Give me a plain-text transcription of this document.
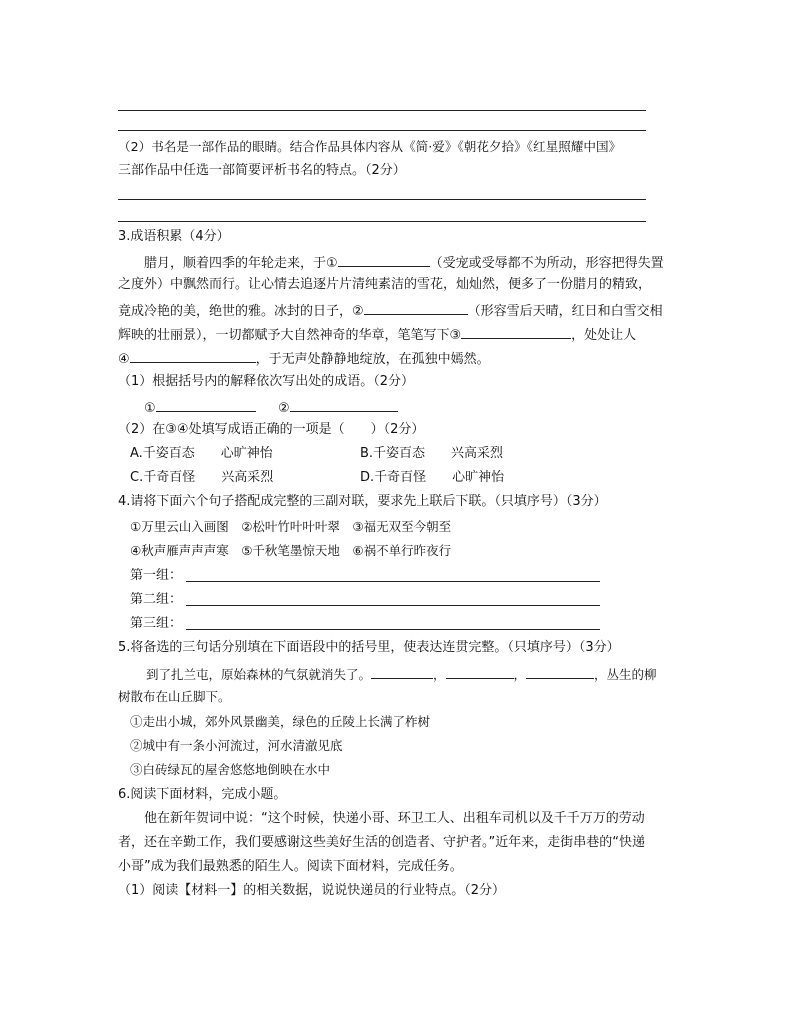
（2）书名是一部作品的眼睛。结合作品具体内容从《简·爱》《朝花夕拾》《红星照耀中国》
三部作品中任选一部简要评析书名的特点。（2分）
3.成语积累（4分）
腊月，顺着四季的年轮走来，于①	（受宠或受辱都不为所动，形容把得失置
之度外）中飘然而行。让心情去追逐片片清纯素洁的雪花，灿灿然，便多了一份腊月的精致，
竟成冷艳的美，绝世的雅。冰封的日子，②	（形容雪后天晴，红日和白雪交相
辉映的壮丽景），一切都赋予大自然神奇的华章，笔笔写下③	，处处让人
④	，于无声处静静地绽放，在孤独中嫣然。
（1）根据括号内的解释依次写出处的成语。（2分）
①	②
（2）在③④处填写成语正确的一项是（　　）（2分）
A.千姿百态　　心旷神怡	B.千姿百态　　兴高采烈
C.千奇百怪　　兴高采烈	D.千奇百怪　　心旷神怡
4.请将下面六个句子搭配成完整的三副对联，要求先上联后下联。（只填序号）（3分）
①万里云山入画图　②松叶竹叶叶叶翠　③福无双至今朝至
④秋声雁声声声寒　⑤千秋笔墨惊天地　⑥祸不单行昨夜行
第一组：
第二组：
第三组：
5.将备选的三句话分别填在下面语段中的括号里，使表达连贯完整。（只填序号）（3分）
到了扎兰屯，原始森林的气氛就消失了。	，	，	，丛生的柳
树散布在山丘脚下。
①走出小城，郊外风景幽美，绿色的丘陵上长满了柞树
②城中有一条小河流过，河水清澈见底
③白砖绿瓦的屋舍悠悠地倒映在水中
6.阅读下面材料，完成小题。
他在新年贺词中说：“这个时候，快递小哥、环卫工人、出租车司机以及千千万万的劳动
者，还在辛勤工作，我们要感谢这些美好生活的创造者、守护者。”近年来，走街串巷的“快递
小哥”成为我们最熟悉的陌生人。阅读下面材料，完成任务。
（1）阅读【材料一】的相关数据，说说快递员的行业特点。（2分）
